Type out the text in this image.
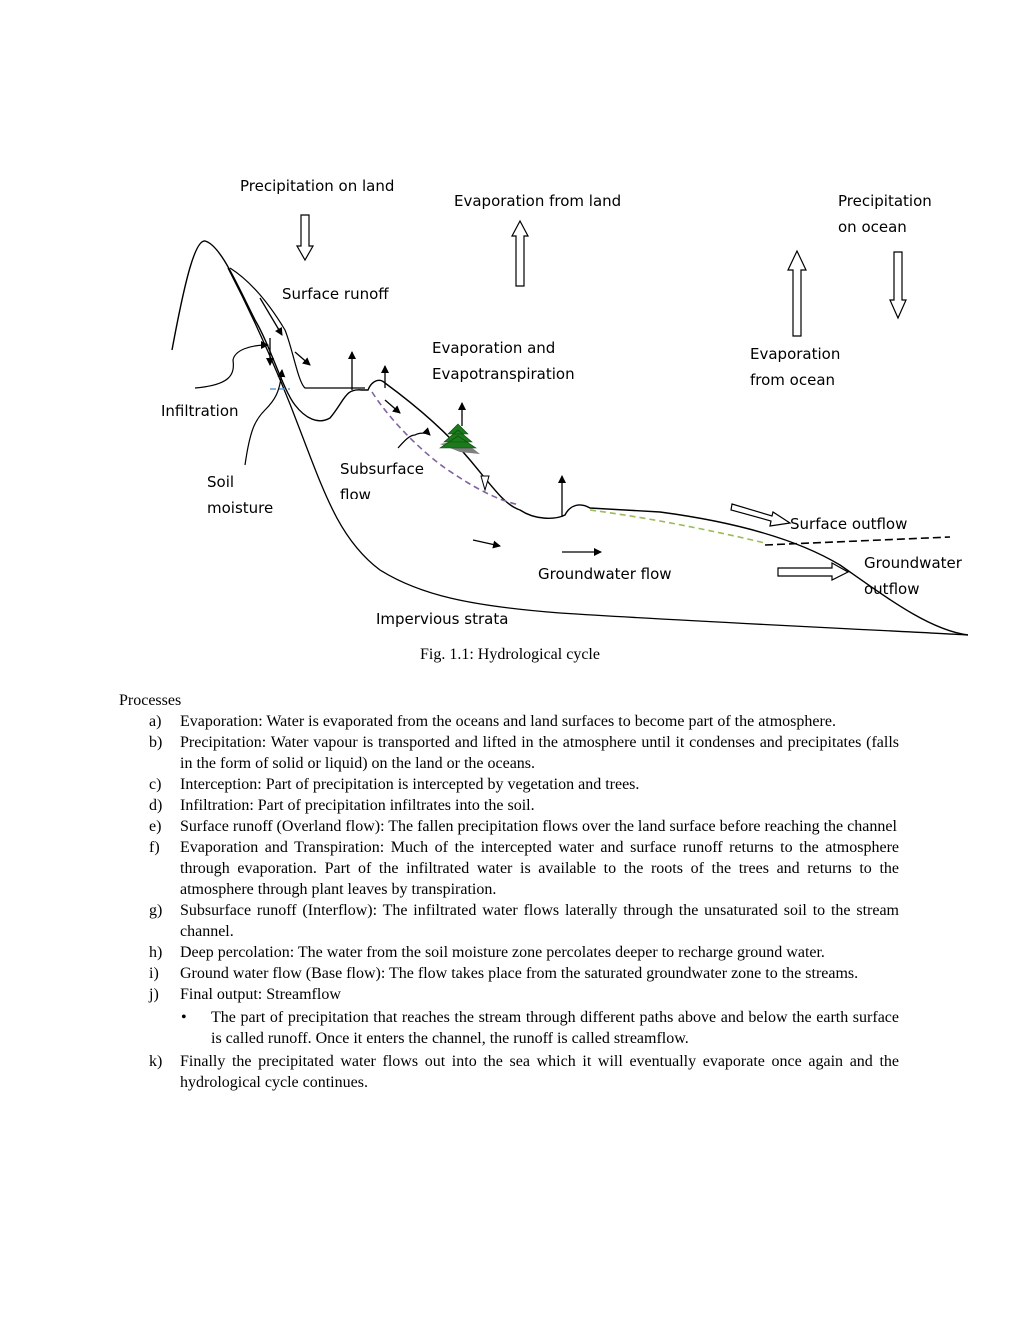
Precipitation on land
Evaporation from land	Precipitation
on ocean
Surface runoff
Evaporation and
Evapotranspiration
Evaporation
from ocean
Infiltration
Soil
moisture
Subsurface
flow
Surface outflow
Groundwater
outflow
Groundwater flow
Impervious strata
Fig. 1.1: Hydrological cycle
Processes
a) Evaporation: Water is evaporated from the oceans and land surfaces to become part of the atmosphere.
b) Precipitation: Water vapour is transported and lifted in the atmosphere until it condenses and precipitates (falls in the form of solid or liquid) on the land or the oceans.
c) Interception: Part of precipitation is intercepted by vegetation and trees.
d) Infiltration: Part of precipitation infiltrates into the soil.
e) Surface runoff (Overland flow): The fallen precipitation flows over the land surface before reaching the channel
f) Evaporation and Transpiration: Much of the intercepted water and surface runoff returns to the atmosphere through evaporation. Part of the infiltrated water is available to the roots of the trees and returns to the atmosphere through plant leaves by transpiration.
g) Subsurface runoff (Interflow): The infiltrated water flows laterally through the unsaturated soil to the stream channel.
h) Deep percolation: The water from the soil moisture zone percolates deeper to recharge ground water.
i) Ground water flow (Base flow): The flow takes place from the saturated groundwater zone to the streams.
j) Final output: Streamflow
• The part of precipitation that reaches the stream through different paths above and below the earth surface is called runoff. Once it enters the channel, the runoff is called streamflow.
k) Finally the precipitated water flows out into the sea which it will eventually evaporate once again and the hydrological cycle continues.
